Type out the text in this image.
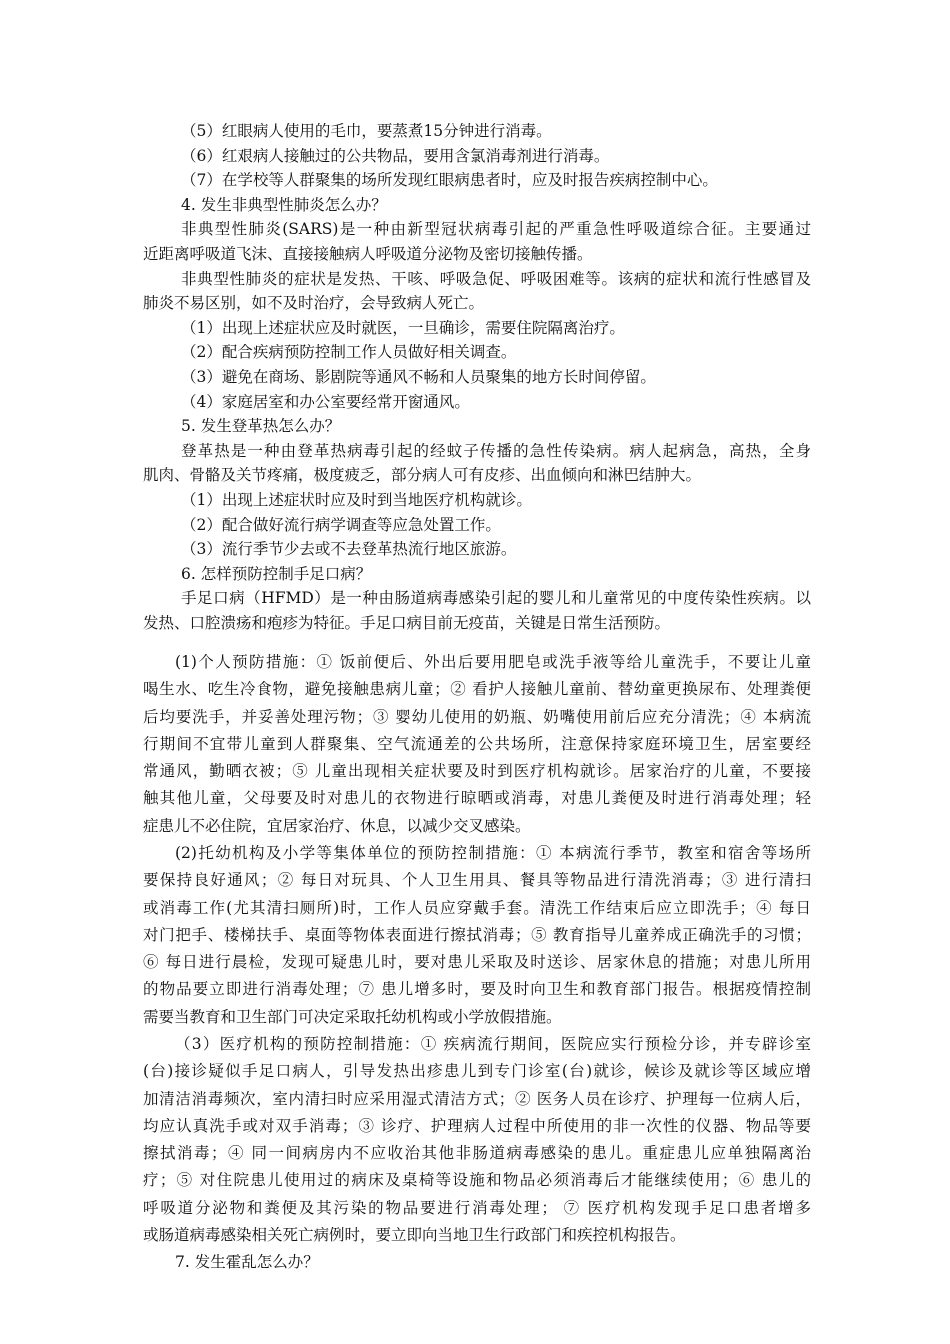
（5）红眼病人使用的毛巾，要蒸煮15分钟进行消毒。
（6）红艰病人接触过的公共物品，要用含氯消毒剂进行消毒。
（7）在学校等人群聚集的场所发现红眼病患者时，应及时报告疾病控制中心。
4. 发生非典型性肺炎怎么办？
非典型性肺炎(SARS)是一种由新型冠状病毒引起的严重急性呼吸道综合征。主要通过
近距离呼吸道飞沫、直接接触病人呼吸道分泌物及密切接触传播。
非典型性肺炎的症状是发热、干咳、呼吸急促、呼吸困难等。该病的症状和流行性感冒及
肺炎不易区别，如不及时治疗，会导致病人死亡。
（1）出现上述症状应及时就医，一旦确诊，需要住院隔离治疗。
（2）配合疾病预防控制工作人员做好相关调查。
（3）避免在商场、影剧院等通风不畅和人员聚集的地方长时间停留。
（4）家庭居室和办公室要经常开窗通风。
5. 发生登革热怎么办？
登革热是一种由登革热病毒引起的经蚊子传播的急性传染病。病人起病急，高热，全身
肌肉、骨骼及关节疼痛，极度疲乏，部分病人可有皮疹、出血倾向和淋巴结肿大。
（1）出现上述症状时应及时到当地医疗机构就诊。
（2）配合做好流行病学调查等应急处置工作。
（3）流行季节少去或不去登革热流行地区旅游。
6. 怎样预防控制手足口病？
手足口病（HFMD）是一种由肠道病毒感染引起的婴儿和儿童常见的中度传染性疾病。以
发热、口腔溃疡和疱疹为特征。手足口病目前无疫苗，关键是日常生活预防。
(1)个人预防措施：① 饭前便后、外出后要用肥皂或洗手液等给儿童洗手，不要让儿童
喝生水、吃生冷食物，避免接触患病儿童；② 看护人接触儿童前、替幼童更换尿布、处理粪便
后均要洗手，并妥善处理污物；③ 婴幼儿使用的奶瓶、奶嘴使用前后应充分清洗；④ 本病流
行期间不宜带儿童到人群聚集、空气流通差的公共场所，注意保持家庭环境卫生，居室要经
常通风，勤晒衣被；⑤ 儿童出现相关症状要及时到医疗机构就诊。居家治疗的儿童，不要接
触其他儿童，父母要及时对患儿的衣物进行晾晒或消毒，对患儿粪便及时进行消毒处理；轻
症患儿不必住院，宜居家治疗、休息，以减少交叉感染。
(2)托幼机构及小学等集体单位的预防控制措施：① 本病流行季节，教室和宿舍等场所
要保持良好通风；② 每日对玩具、个人卫生用具、餐具等物品进行清洗消毒；③ 进行清扫
或消毒工作(尤其清扫厕所)时，工作人员应穿戴手套。清洗工作结束后应立即洗手；④ 每日
对门把手、楼梯扶手、桌面等物体表面进行擦拭消毒；⑤ 教育指导儿童养成正确洗手的习惯；
⑥ 每日进行晨检，发现可疑患儿时，要对患儿采取及时送诊、居家休息的措施；对患儿所用
的物品要立即进行消毒处理；⑦ 患儿增多时，要及时向卫生和教育部门报告。根据疫情控制
需要当教育和卫生部门可决定采取托幼机构或小学放假措施。
（3）医疗机构的预防控制措施：① 疾病流行期间，医院应实行预检分诊，并专辟诊室
(台)接诊疑似手足口病人，引导发热出疹患儿到专门诊室(台)就诊，候诊及就诊等区域应增
加清洁消毒频次，室内清扫时应采用湿式清洁方式；② 医务人员在诊疗、护理每一位病人后，
均应认真洗手或对双手消毒；③ 诊疗、护理病人过程中所使用的非一次性的仪器、物品等要
擦拭消毒；④ 同一间病房内不应收治其他非肠道病毒感染的患儿。重症患儿应单独隔离治
疗；⑤ 对住院患儿使用过的病床及桌椅等设施和物品必须消毒后才能继续使用；⑥ 患儿的
呼吸道分泌物和粪便及其污染的物品要进行消毒处理； ⑦ 医疗机构发现手足口患者增多
或肠道病毒感染相关死亡病例时，要立即向当地卫生行政部门和疾控机构报告。
7. 发生霍乱怎么办？
